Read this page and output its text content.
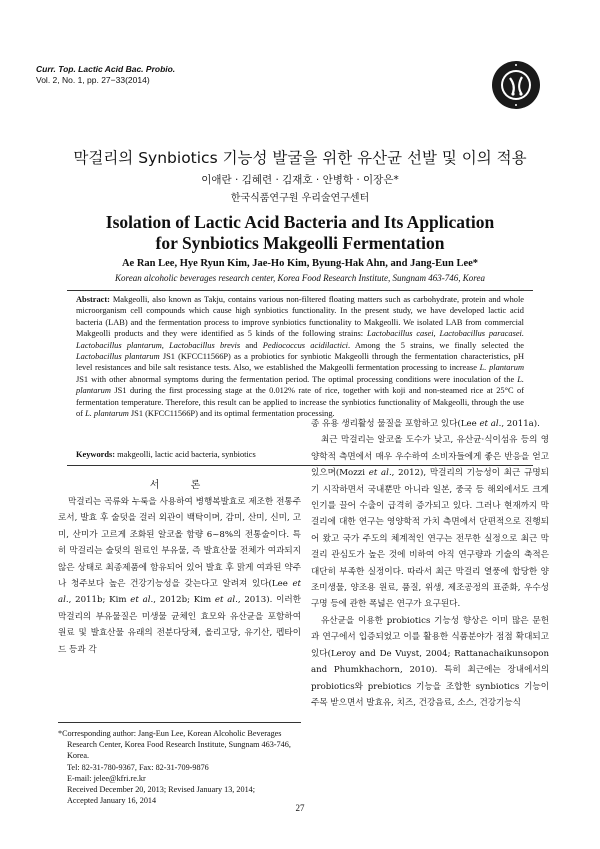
Curr. Top. Lactic Acid Bac. Probio.
Vol. 2, No. 1, pp. 27−33(2014)
막걸리의 Synbiotics 기능성 발굴을 위한 유산균 선발 및 이의 적용
이애란 · 김혜련 · 김재호 · 안병학 · 이장은*
한국식품연구원 우리술연구센터
Isolation of Lactic Acid Bacteria and Its Application
for Synbiotics Makgeolli Fermentation
Ae Ran Lee, Hye Ryun Kim, Jae-Ho Kim, Byung-Hak Ahn, and Jang-Eun Lee*
Korean alcoholic beverages research center, Korea Food Research Institute, Sungnam 463-746, Korea
Abstract: Makgeolli, also known as Takju, contains various non-filtered floating matters such as carbohydrate, protein and whole microorganism cell compounds which cause high synbiotics functionality. In the present study, we have developed lactic acid bacteria (LAB) and the fermentation process to improve synbiotics functionality to Makgeolli. We isolated LAB from commercial Makgeolli products and they were identified as 5 kinds of the following strains: Lactobacillus casei, Lactobacillus paracasei. Lactobacillus plantarum, Lactobacillus brevis and Pediococcus acidilactici. Among the 5 strains, we finally selected the Lactobacillus plantarum JS1 (KFCC11566P) as a probiotics for synbiotic Makgeolli through the fermentation characteristics, pH level resistances and bile salt resistance tests. Also, we established the Makgeolli fermentation processing to increase L. plantarum JS1 with other abnormal symptoms during the fermentation period. The optimal processing conditions were inoculation of the L. plantarum JS1 during the first processing stage at the 0.012% rate of rice, together with koji and non-steamed rice at 25°C of fermentation temperature. Therefore, this result can be applied to increase the synbiotics functionality of Makgeolli, through the use of L. plantarum JS1 (KFCC11566P) and its optimal fermentation processing.
Keywords: makgeolli, lactic acid bacteria, synbiotics
서 론

막걸리는 곡류와 누룩을 사용하여 병행복발효로 제조한 전통주로서, 발효 후 술덧을 걸러 외관이 백탁이며, 감미, 산미, 신미, 고미, 산미가 고르게 조화된 알코올 함량 6~8%의 전통술이다. 특히 막걸리는 술덧의 원료인 부유물, 즉 발효산물 전체가 여과되지 않은 상태로 최종제품에 함유되어 있어 발효 후 맑게 여과된 약주나 청주보다 높은 건강기능성을 갖는다고 알려져 있다(Lee et al., 2011b; Kim et al., 2012b; Kim et al., 2013). 이러한 막걸리의 부유물질은 미생물 균체인 효모와 유산균을 포함하여 원료 및 발효산물 유래의 전분다당체, 올리고당, 유기산, 펩타이드 등과 각

종 유용 생리활성 물질을 포함하고 있다(Lee et al., 2011a).

최근 막걸리는 알코올 도수가 낮고, 유산균·식이섬유 등의 영양학적 측면에서 매우 우수하여 소비자들에게 좋은 반응을 얻고 있으며(Mozzi et al., 2012), 막걸리의 기능성이 최근 규명되기 시작하면서 국내뿐만 아니라 일본, 중국 등 해외에서도 크게 인기를 끌어 수출이 급격히 증가되고 있다. 그러나 현재까지 막걸리에 대한 연구는 영양학적 가치 측면에서 단편적으로 진행되어 왔고 국가 주도의 체계적인 연구는 전무한 실정으로 최근 막걸리 관심도가 높은 것에 비하여 아직 연구량과 기술의 축적은 대단히 부족한 실정이다. 따라서 최근 막걸리 열풍에 합당한 양조미생물, 양조용 원료, 품질, 위생, 제조공정의 표준화, 우수성 구명 등에 관한 폭넓은 연구가 요구된다.

유산균을 이용한 probiotics 기능성 향상은 이미 많은 문헌과 연구에서 입증되었고 이를 활용한 식품분야가 점점 확대되고 있다(Leroy and De Vuyst, 2004; Rattanachaikunsopon and Phumkhachorn, 2010). 특히 최근에는 장내에서의 probiotics와 prebiotics 기능을 조합한 synbiotics 기능이 주목 받으면서 발효유, 치즈, 건강음료, 소스, 건강기능식

*Corresponding author: Jang-Eun Lee, Korean Alcoholic Beverages Research Center, Korea Food Research Institute, Sungnam 463-746, Korea.
Tel: 82-31-780-9367, Fax: 82-31-709-9876
E-mail: jelee@kfri.re.kr
Received December 20, 2013; Revised January 13, 2014;
Accepted January 16, 2014
27
